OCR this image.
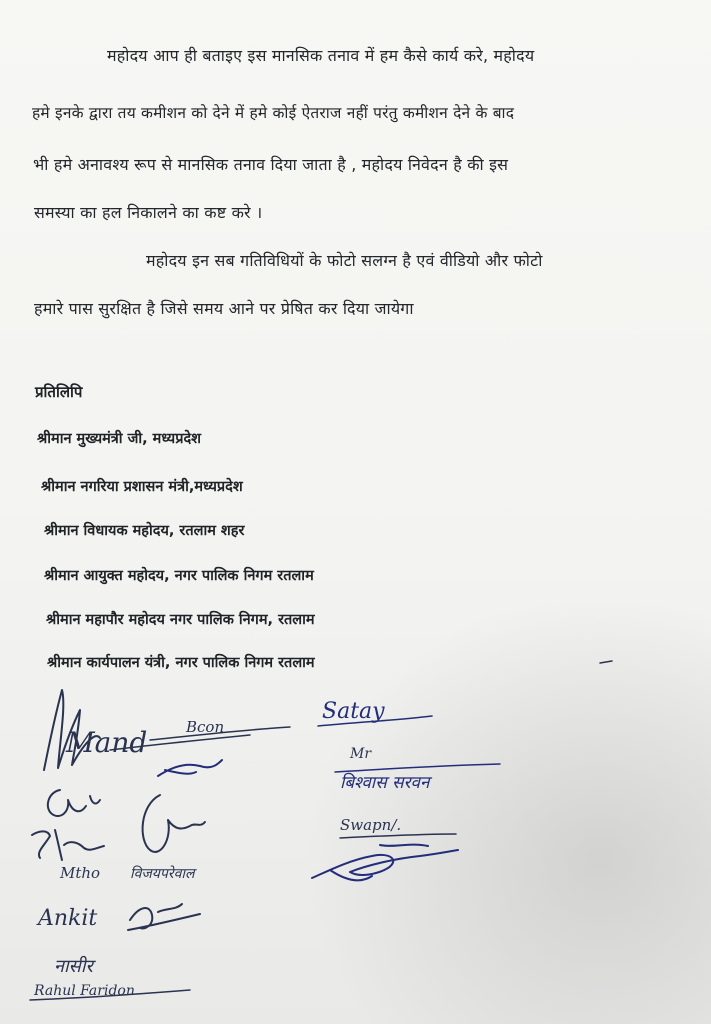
महोदय आप ही बताइए इस मानसिक तनाव में हम कैसे कार्य करे, महोदय
हमे इनके द्वारा तय कमीशन को देने में हमे कोई ऐतराज नहीं परंतु कमीशन देने के बाद
भी हमे अनावश्य रूप से मानसिक तनाव दिया जाता है , महोदय निवेदन है की इस
समस्या का हल निकालने का कष्ट करे ।
महोदय इन सब गतिविधियों के फोटो सलग्न है एवं वीडियो और फोटो
हमारे पास सुरक्षित है जिसे समय आने पर प्रेषित कर दिया जायेगा
प्रतिलिपि
श्रीमान मुख्यमंत्री जी, मध्यप्रदेश
श्रीमान नगरिया प्रशासन मंत्री,मध्यप्रदेश
श्रीमान विधायक महोदय, रतलाम शहर
श्रीमान आयुक्त महोदय, नगर पालिक निगम रतलाम
श्रीमान महापौर महोदय नगर पालिक निगम, रतलाम
श्रीमान कार्यपालन यंत्री, नगर पालिक निगम रतलाम
Mand	Bcon
Satay
Mr
बिश्वास सरवन
Swapn/.
Mtho विजयपरेवाल
Ankit
नासीर
Rahul Faridon
